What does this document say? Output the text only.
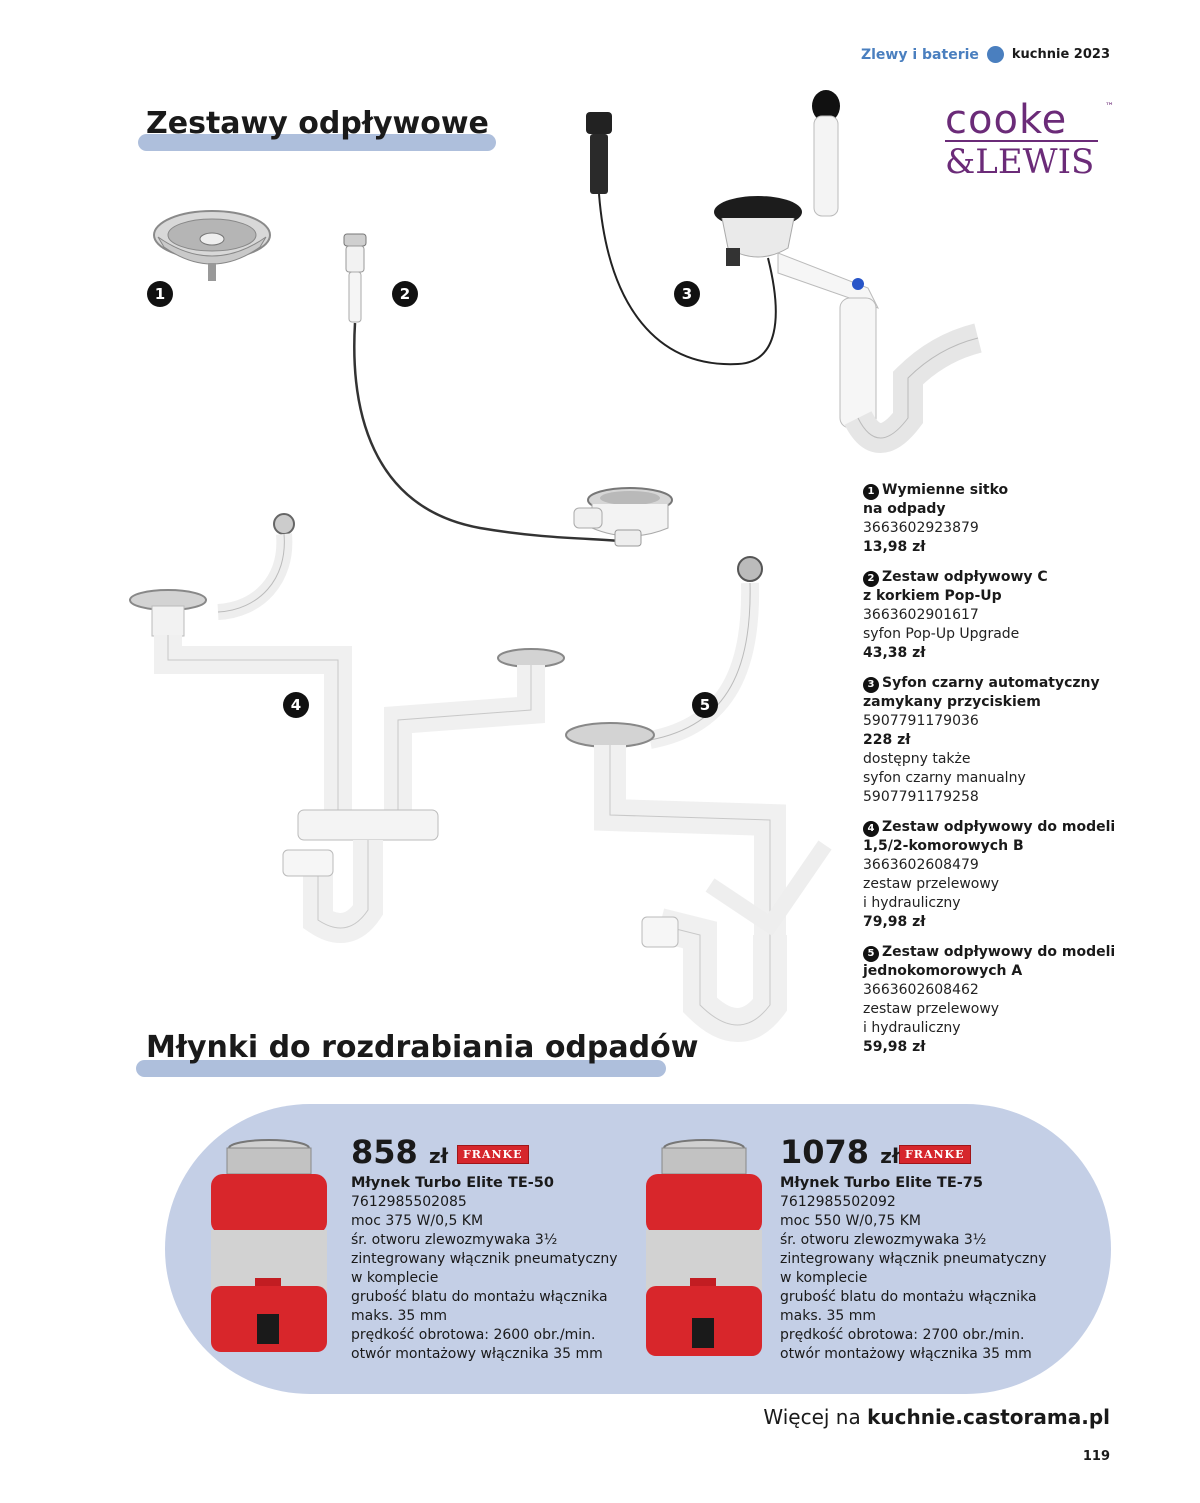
Zlewy i baterie	kuchnie 2023
cooke
&LEWIS
™
Zestawy odpływowe
1	2	3
4	5
1 Wymienne sitko
na odpady
3663602923879
13,98 zł
2 Zestaw odpływowy C
z korkiem Pop-Up
3663602901617
syfon Pop-Up Upgrade
43,38 zł
3 Syfon czarny automatyczny
zamykany przyciskiem
5907791179036
228 zł
dostępny także
syfon czarny manualny
5907791179258
4 Zestaw odpływowy do modeli
1,5/2-komorowych B
3663602608479
zestaw przelewowy
i hydrauliczny
79,98 zł
5 Zestaw odpływowy do modeli
jednokomorowych A
3663602608462
zestaw przelewowy
i hydrauliczny
59,98 zł
Młynki do rozdrabiania odpadów
FRANKE
858 zł
Młynek Turbo Elite TE-50
7612985502085
moc 375 W/0,5 KM
śr. otworu zlewozmywaka 3½
zintegrowany włącznik pneumatyczny
w komplecie
grubość blatu do montażu włącznika
maks. 35 mm
prędkość obrotowa: 2600 obr./min.
otwór montażowy włącznika 35 mm
FRANKE
1078 zł
Młynek Turbo Elite TE-75
7612985502092
moc 550 W/0,75 KM
śr. otworu zlewozmywaka 3½
zintegrowany włącznik pneumatyczny
w komplecie
grubość blatu do montażu włącznika
maks. 35 mm
prędkość obrotowa: 2700 obr./min.
otwór montażowy włącznika 35 mm
Więcej na kuchnie.castorama.pl
119
